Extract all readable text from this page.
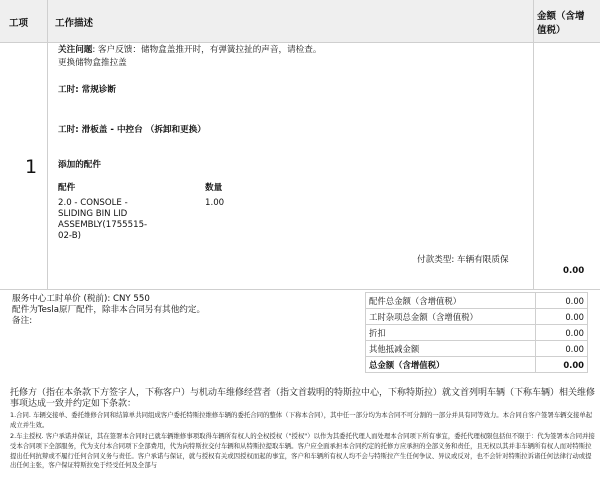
工项	工作描述
金额（含增
值税）
1
关注问题: 客户反馈：储物盒盖推开时，有弹簧拉扯的声音，请检查。
更换储物盒推拉盖
工时: 常规诊断
工时: 滑板盖 - 中控台 （拆卸和更换）
添加的配件
配件	数量
2.0 - CONSOLE -
SLIDING BIN LID
ASSEMBLY(1755515-
02-B)
1.00
付款类型: 车辆有限质保
0.00
服务中心工时单价 (税前): CNY 550
配件为Tesla原厂配件，除非本合同另有其他约定。
备注:
配件总金额（含增值税）	0.00
工时杂项总金额（含增值税）	0.00
折扣	0.00
其他抵减金额	0.00
总金额（含增值税）	0.00
托修方（指在本条款下方签字人，下称客户）与机动车维修经营者（指文首载明的特斯拉中心，下称特斯拉）就文首列明车辆（下称车辆）相关维修事项达成一致并约定如下条款：
1.合同. 车辆交接单、委托维修合同和结算单共同组成客户委托特斯拉维修车辆的委托合同的整体（下称本合同），其中任一部分均为本合同不可分割的一部分并具有同等效力。本合同自客户签署车辆交接单起成立并生效。
2.车主授权. 客户承诺并保证，其在签署本合同时已就车辆维修事项取得车辆所有权人的全权授权（"授权"）以作为其委托代理人而处理本合同项下所有事宜，委托代理权限包括但不限于：代为签署本合同并接受本合同项下全部服务，代为支付本合同项下全部费用，代为向特斯拉交付车辆和从特斯拉提取车辆。客户应全面承担本合同约定的托修方应承担的全部义务和责任，且无权以其并非车辆所有权人而对特斯拉提出任何抗辩或不履行任何合同义务与责任。客户承诺与保证，就与授权有关或因授权而起的事宜，客户和车辆所有权人均不会与特斯拉产生任何争议、异议或反对，也不会针对特斯拉诉诸任何法律行动或提出任何主张，客户保证特斯拉免于经受任何及全部与
